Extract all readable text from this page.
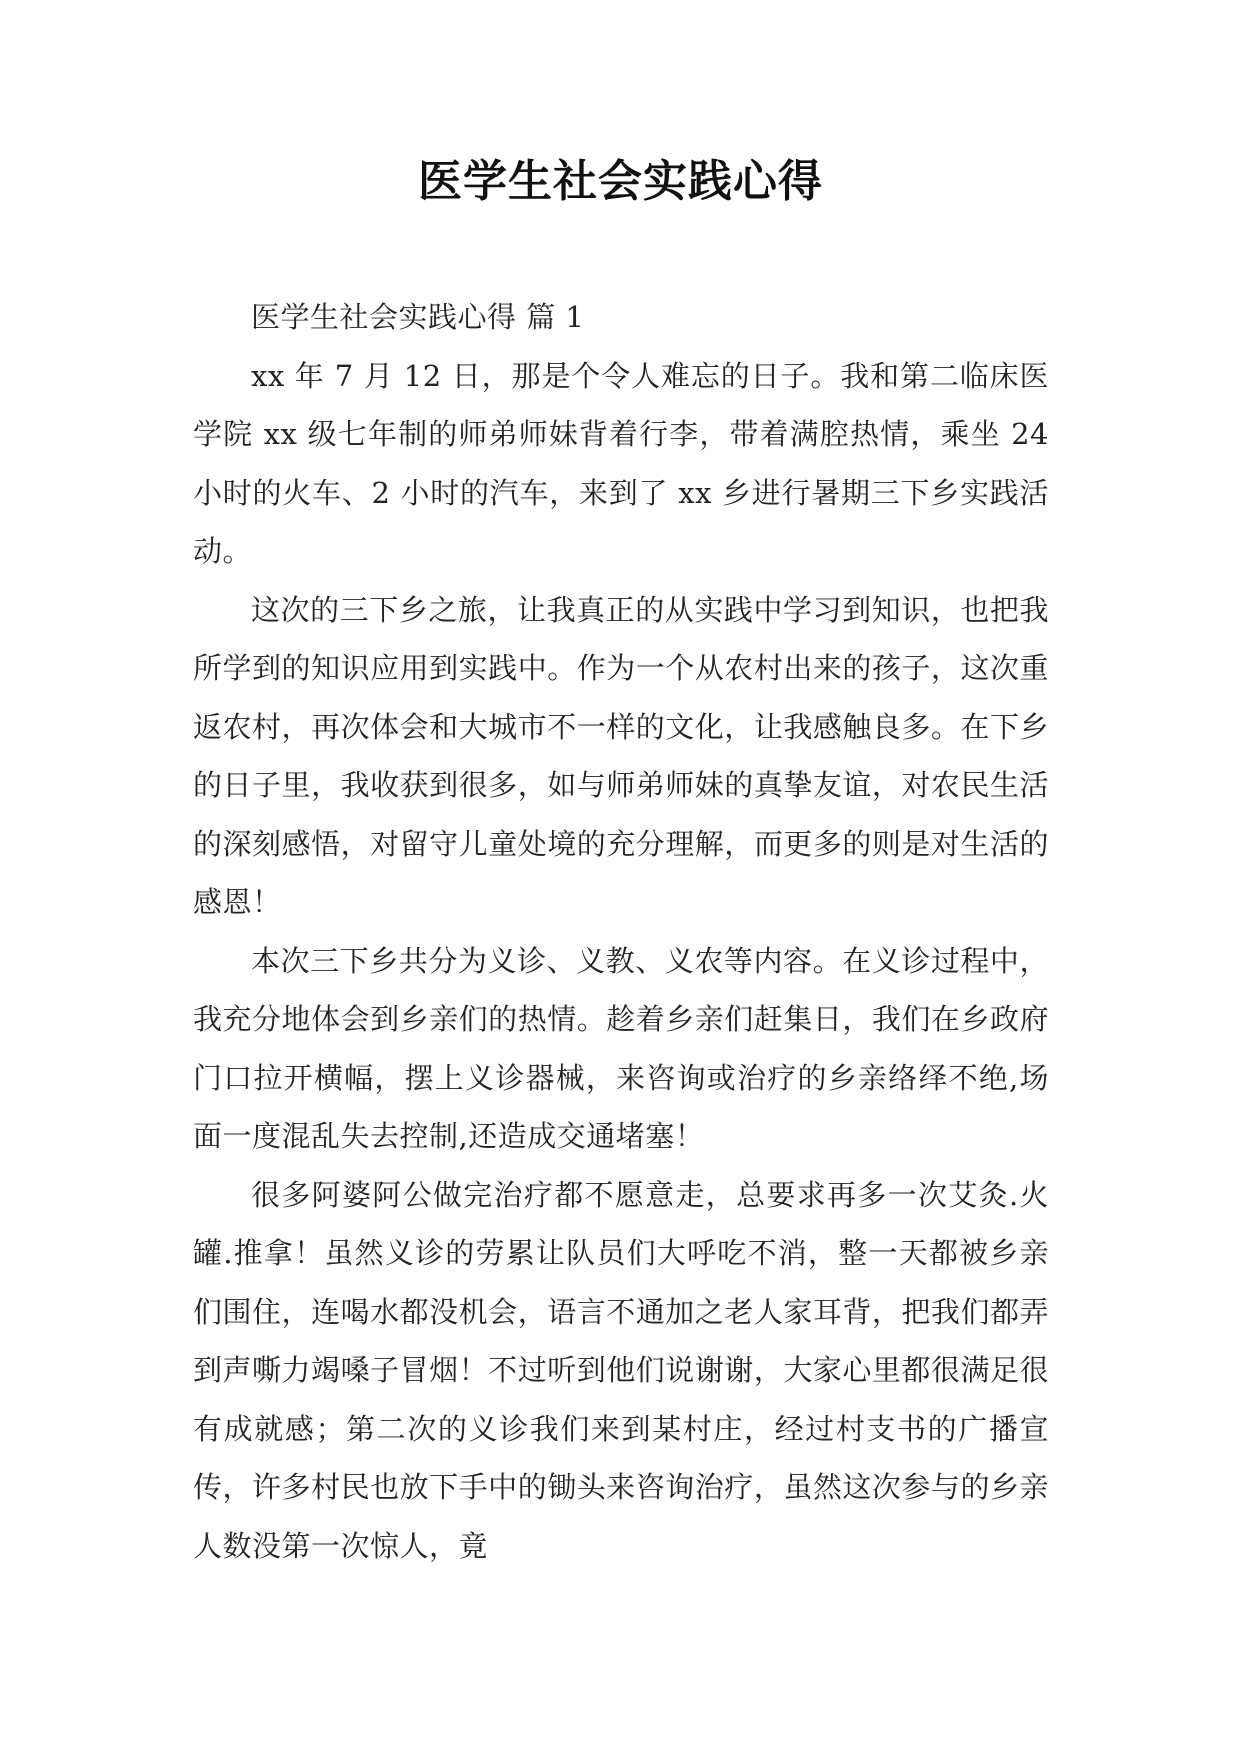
医学生社会实践心得

医学生社会实践心得 篇 1

xx 年 7 月 12 日，那是个令人难忘的日子。我和第二临床医学院 xx 级七年制的师弟师妹背着行李，带着满腔热情，乘坐 24 小时的火车、2 小时的汽车，来到了 xx 乡进行暑期三下乡实践活动。

这次的三下乡之旅，让我真正的从实践中学习到知识，也把我所学到的知识应用到实践中。作为一个从农村出来的孩子，这次重返农村，再次体会和大城市不一样的文化，让我感触良多。在下乡的日子里，我收获到很多，如与师弟师妹的真挚友谊，对农民生活的深刻感悟，对留守儿童处境的充分理解，而更多的则是对生活的感恩！

本次三下乡共分为义诊、义教、义农等内容。在义诊过程中，我充分地体会到乡亲们的热情。趁着乡亲们赶集日，我们在乡政府门口拉开横幅，摆上义诊器械，来咨询或治疗的乡亲络绎不绝,场面一度混乱失去控制,还造成交通堵塞！

很多阿婆阿公做完治疗都不愿意走，总要求再多一次艾灸.火罐.推拿！虽然义诊的劳累让队员们大呼吃不消，整一天都被乡亲们围住，连喝水都没机会，语言不通加之老人家耳背，把我们都弄到声嘶力竭嗓子冒烟！不过听到他们说谢谢，大家心里都很满足很有成就感；第二次的义诊我们来到某村庄，经过村支书的广播宣传，许多村民也放下手中的锄头来咨询治疗，虽然这次参与的乡亲人数没第一次惊人，竟
